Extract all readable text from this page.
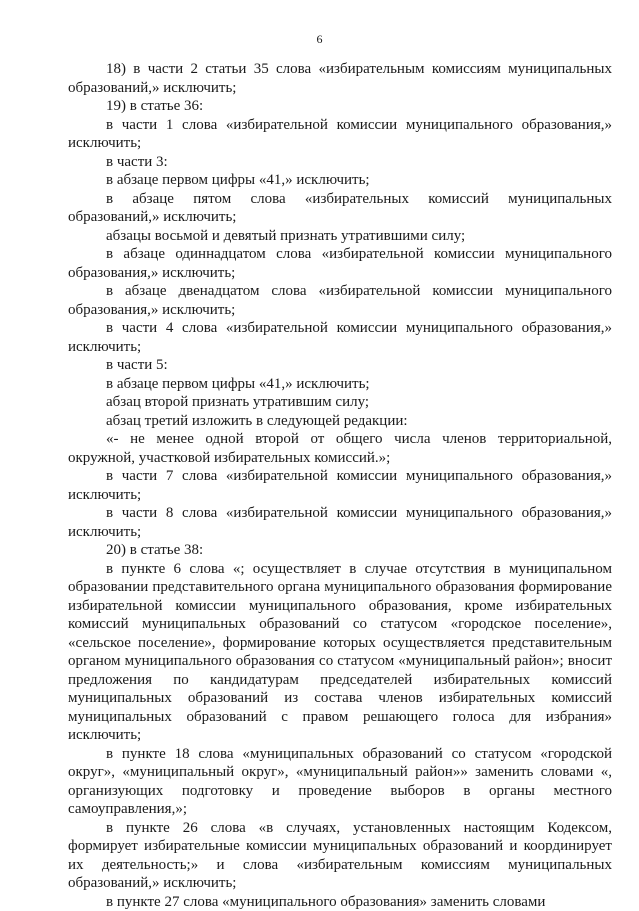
6

18) в части 2 статьи 35 слова «избирательным комиссиям муниципальных образований,» исключить;

19) в статье 36:

в части 1 слова «избирательной комиссии муниципального образования,» исключить;

в части 3:

в абзаце первом цифры «41,» исключить;

в абзаце пятом слова «избирательных комиссий муниципальных образований,» исключить;

абзацы восьмой и девятый признать утратившими силу;

в абзаце одиннадцатом слова «избирательной комиссии муниципального образования,» исключить;

в абзаце двенадцатом слова «избирательной комиссии муниципального образования,» исключить;

в части 4 слова «избирательной комиссии муниципального образования,» исключить;

в части 5:

в абзаце первом цифры «41,» исключить;

абзац второй признать утратившим силу;

абзац третий изложить в следующей редакции:

«- не менее одной второй от общего числа членов территориальной, окружной, участковой избирательных комиссий.»;

в части 7 слова «избирательной комиссии муниципального образования,» исключить;

в части 8 слова «избирательной комиссии муниципального образования,» исключить;

20) в статье 38:

в пункте 6 слова «; осуществляет в случае отсутствия в муниципальном образовании представительного органа муниципального образования формирование избирательной комиссии муниципального образования, кроме избирательных комиссий муниципальных образований со статусом «городское поселение», «сельское поселение», формирование которых осуществляется представительным органом муниципального образования со статусом «муниципальный район»; вносит предложения по кандидатурам председателей избирательных комиссий муниципальных образований из состава членов избирательных комиссий муниципальных образований с правом решающего голоса для избрания» исключить;

в пункте 18 слова «муниципальных образований со статусом «городской округ», «муниципальный округ», «муниципальный район»» заменить словами «, организующих подготовку и проведение выборов в органы местного самоуправления,»;

в пункте 26 слова «в случаях, установленных настоящим Кодексом, формирует избирательные комиссии муниципальных образований и координирует их деятельность;» и слова «избирательным комиссиям муниципальных образований,» исключить;

в пункте 27 слова «муниципального образования» заменить словами
